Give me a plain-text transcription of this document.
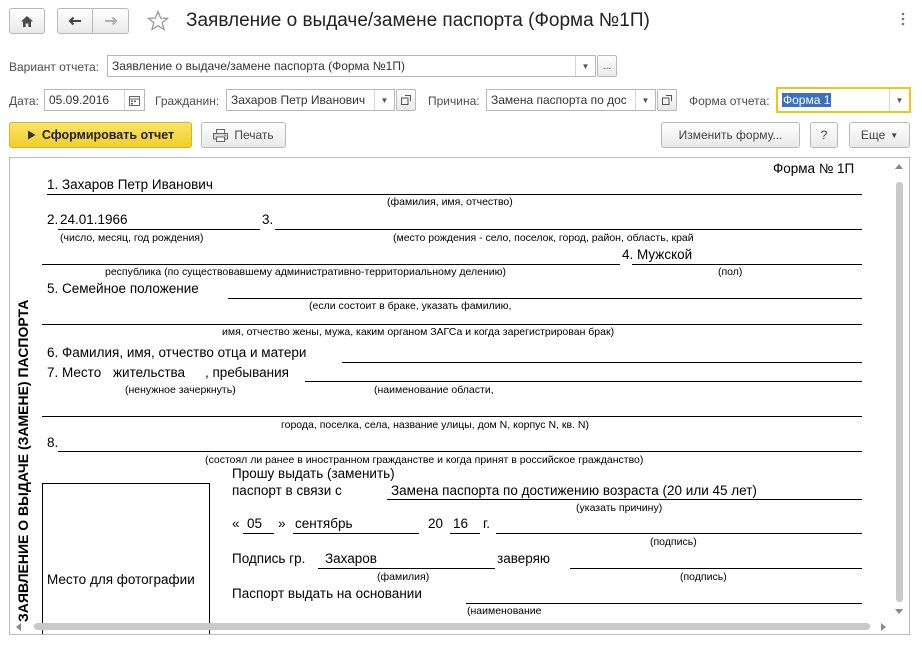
Заявление о выдаче/замене паспорта (Форма №1П)
Вариант отчета: Заявление о выдаче/замене паспорта (Форма №1П)	▼	...
Дата: 05.09.2016	Гражданин: Захаров Петр Иванович ▼	Причина: Замена паспорта по дос ▼	Форма отчета: Форма 1	▼
Сформировать отчет	Печать	Изменить форму...	?	Еще ▼
Форма № 1П
ЗАЯВЛЕНИЕ О ВЫДАЧЕ (ЗАМЕНЕ) ПАСПОРТА
1. Захаров Петр Иванович
(фамилия, имя, отчество)
2. 24.01.1966	3.
(число, месяц, год рождения)	(место рождения - село, поселок, город, район, область, край
4. Мужской
республика (по существовавшему административно-территориальному делению)	(пол)
5. Семейное положение
(если состоит в браке, указать фамилию,
имя, отчество жены, мужа, каким органом ЗАГСа и когда зарегистрирован брак)
6. Фамилия, имя, отчество отца и матери
7. Место жительства , пребывания
(ненужное зачеркнуть)	(наименование области,
города, поселка, села, название улицы, дом N, корпус N, кв. N)
8.
(состоял ли ранее в иностранном гражданстве и когда принят в российское гражданство)
Место для фотографии
Прошу выдать (заменить)
паспорт в связи с	Замена паспорта по достижению возраста (20 или 45 лет)
(указать причину)
« 05 » сентябрь	20 16 г.
(подпись)
Подпись гр. Захаров	заверяю
(фамилия)	(подпись)
Паспорт выдать на основании
(наименование
